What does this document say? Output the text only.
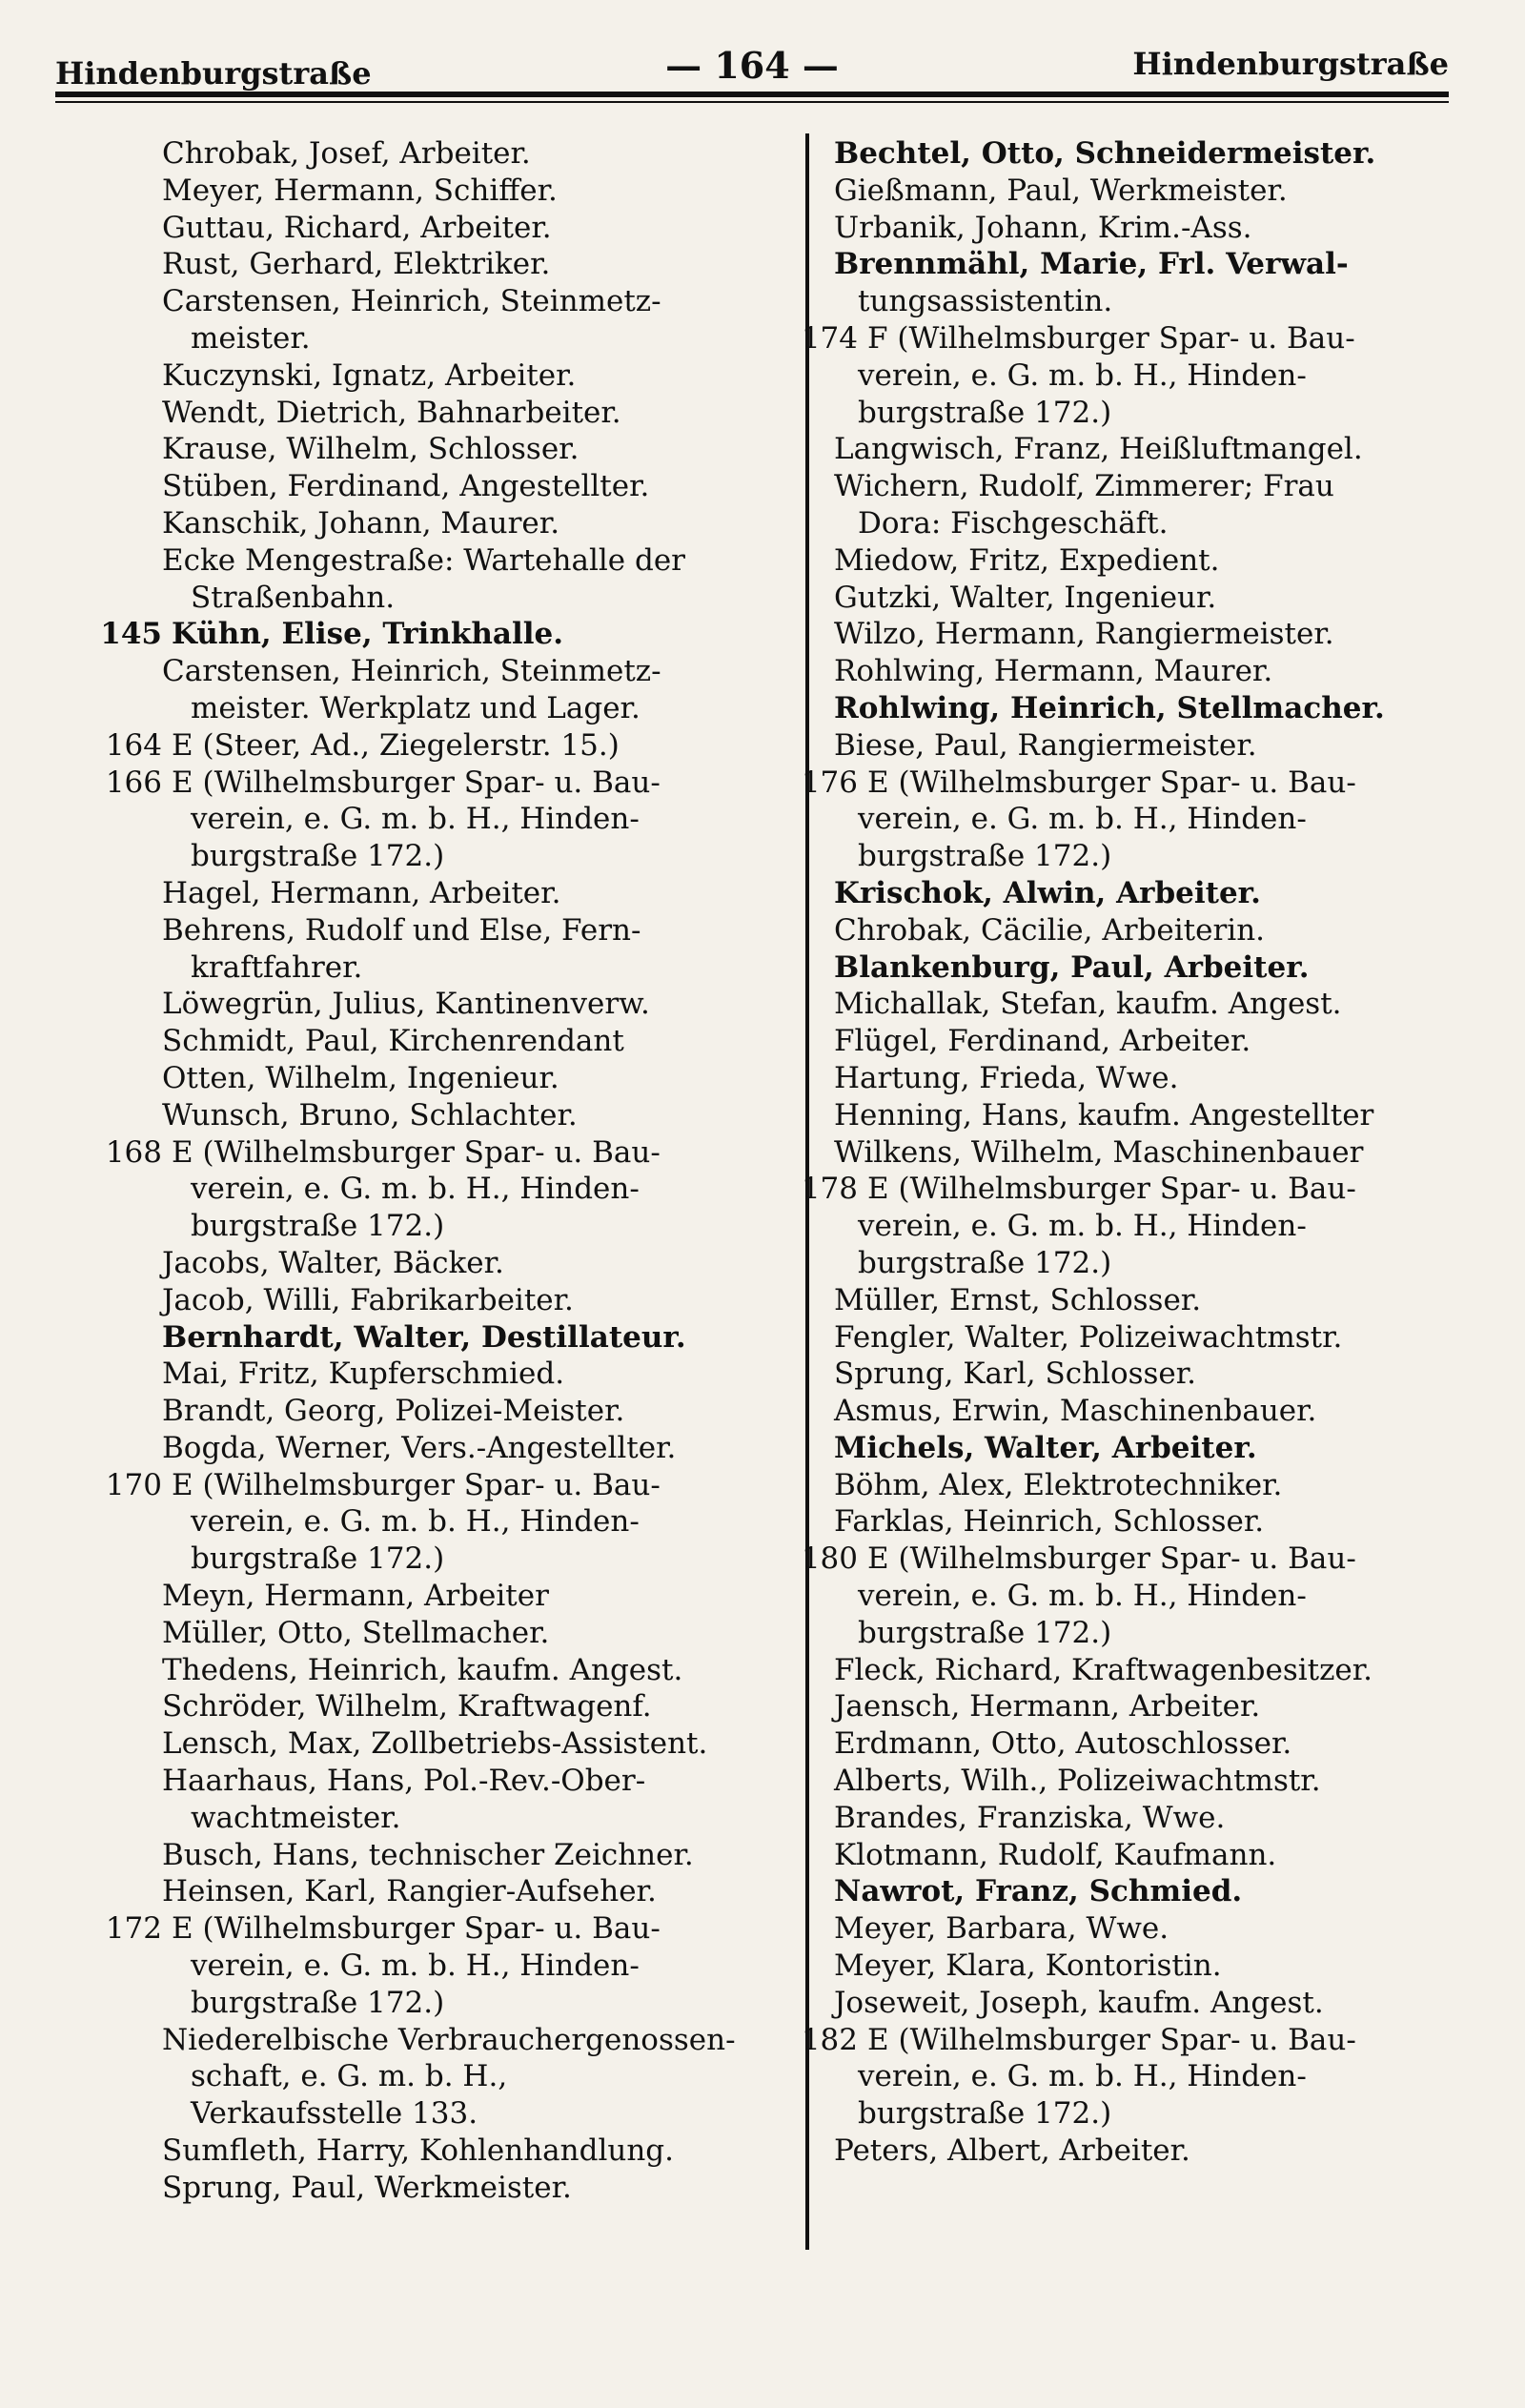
Hindenburgstraße	— 164 —	Hindenburgstraße
Chrobak, Josef, Arbeiter.
Meyer, Hermann, Schiffer.
Guttau, Richard, Arbeiter.
Rust, Gerhard, Elektriker.
Carstensen, Heinrich, Steinmetz-
meister.
Kuczynski, Ignatz, Arbeiter.
Wendt, Dietrich, Bahnarbeiter.
Krause, Wilhelm, Schlosser.
Stüben, Ferdinand, Angestellter.
Kanschik, Johann, Maurer.
Ecke Mengestraße: Wartehalle der
Straßenbahn.
145 Kühn, Elise, Trinkhalle.
Carstensen, Heinrich, Steinmetz-
meister. Werkplatz und Lager.
164 E (Steer, Ad., Ziegelerstr. 15.)
166 E (Wilhelmsburger Spar- u. Bau-
verein, e. G. m. b. H., Hinden-
burgstraße 172.)
Hagel, Hermann, Arbeiter.
Behrens, Rudolf und Else, Fern-
kraftfahrer.
Löwegrün, Julius, Kantinenverw.
Schmidt, Paul, Kirchenrendant
Otten, Wilhelm, Ingenieur.
Wunsch, Bruno, Schlachter.
168 E (Wilhelmsburger Spar- u. Bau-
verein, e. G. m. b. H., Hinden-
burgstraße 172.)
Jacobs, Walter, Bäcker.
Jacob, Willi, Fabrikarbeiter.
Bernhardt, Walter, Destillateur.
Mai, Fritz, Kupferschmied.
Brandt, Georg, Polizei-Meister.
Bogda, Werner, Vers.-Angestellter.
170 E (Wilhelmsburger Spar- u. Bau-
verein, e. G. m. b. H., Hinden-
burgstraße 172.)
Meyn, Hermann, Arbeiter
Müller, Otto, Stellmacher.
Thedens, Heinrich, kaufm. Angest.
Schröder, Wilhelm, Kraftwagenf.
Lensch, Max, Zollbetriebs-Assistent.
Haarhaus, Hans, Pol.-Rev.-Ober-
wachtmeister.
Busch, Hans, technischer Zeichner.
Heinsen, Karl, Rangier-Aufseher.
172 E (Wilhelmsburger Spar- u. Bau-
verein, e. G. m. b. H., Hinden-
burgstraße 172.)
Niederelbische Verbrauchergenossen-
schaft, e. G. m. b. H.,
Verkaufsstelle 133.
Sumfleth, Harry, Kohlenhandlung.
Sprung, Paul, Werkmeister.
Bechtel, Otto, Schneidermeister.
Gießmann, Paul, Werkmeister.
Urbanik, Johann, Krim.-Ass.
Brennmähl, Marie, Frl. Verwal-
tungsassistentin.
174 F (Wilhelmsburger Spar- u. Bau-
verein, e. G. m. b. H., Hinden-
burgstraße 172.)
Langwisch, Franz, Heißluftmangel.
Wichern, Rudolf, Zimmerer; Frau
Dora: Fischgeschäft.
Miedow, Fritz, Expedient.
Gutzki, Walter, Ingenieur.
Wilzo, Hermann, Rangiermeister.
Rohlwing, Hermann, Maurer.
Rohlwing, Heinrich, Stellmacher.
Biese, Paul, Rangiermeister.
176 E (Wilhelmsburger Spar- u. Bau-
verein, e. G. m. b. H., Hinden-
burgstraße 172.)
Krischok, Alwin, Arbeiter.
Chrobak, Cäcilie, Arbeiterin.
Blankenburg, Paul, Arbeiter.
Michallak, Stefan, kaufm. Angest.
Flügel, Ferdinand, Arbeiter.
Hartung, Frieda, Wwe.
Henning, Hans, kaufm. Angestellter
Wilkens, Wilhelm, Maschinenbauer
178 E (Wilhelmsburger Spar- u. Bau-
verein, e. G. m. b. H., Hinden-
burgstraße 172.)
Müller, Ernst, Schlosser.
Fengler, Walter, Polizeiwachtmstr.
Sprung, Karl, Schlosser.
Asmus, Erwin, Maschinenbauer.
Michels, Walter, Arbeiter.
Böhm, Alex, Elektrotechniker.
Farklas, Heinrich, Schlosser.
180 E (Wilhelmsburger Spar- u. Bau-
verein, e. G. m. b. H., Hinden-
burgstraße 172.)
Fleck, Richard, Kraftwagenbesitzer.
Jaensch, Hermann, Arbeiter.
Erdmann, Otto, Autoschlosser.
Alberts, Wilh., Polizeiwachtmstr.
Brandes, Franziska, Wwe.
Klotmann, Rudolf, Kaufmann.
Nawrot, Franz, Schmied.
Meyer, Barbara, Wwe.
Meyer, Klara, Kontoristin.
Joseweit, Joseph, kaufm. Angest.
182 E (Wilhelmsburger Spar- u. Bau-
verein, e. G. m. b. H., Hinden-
burgstraße 172.)
Peters, Albert, Arbeiter.
